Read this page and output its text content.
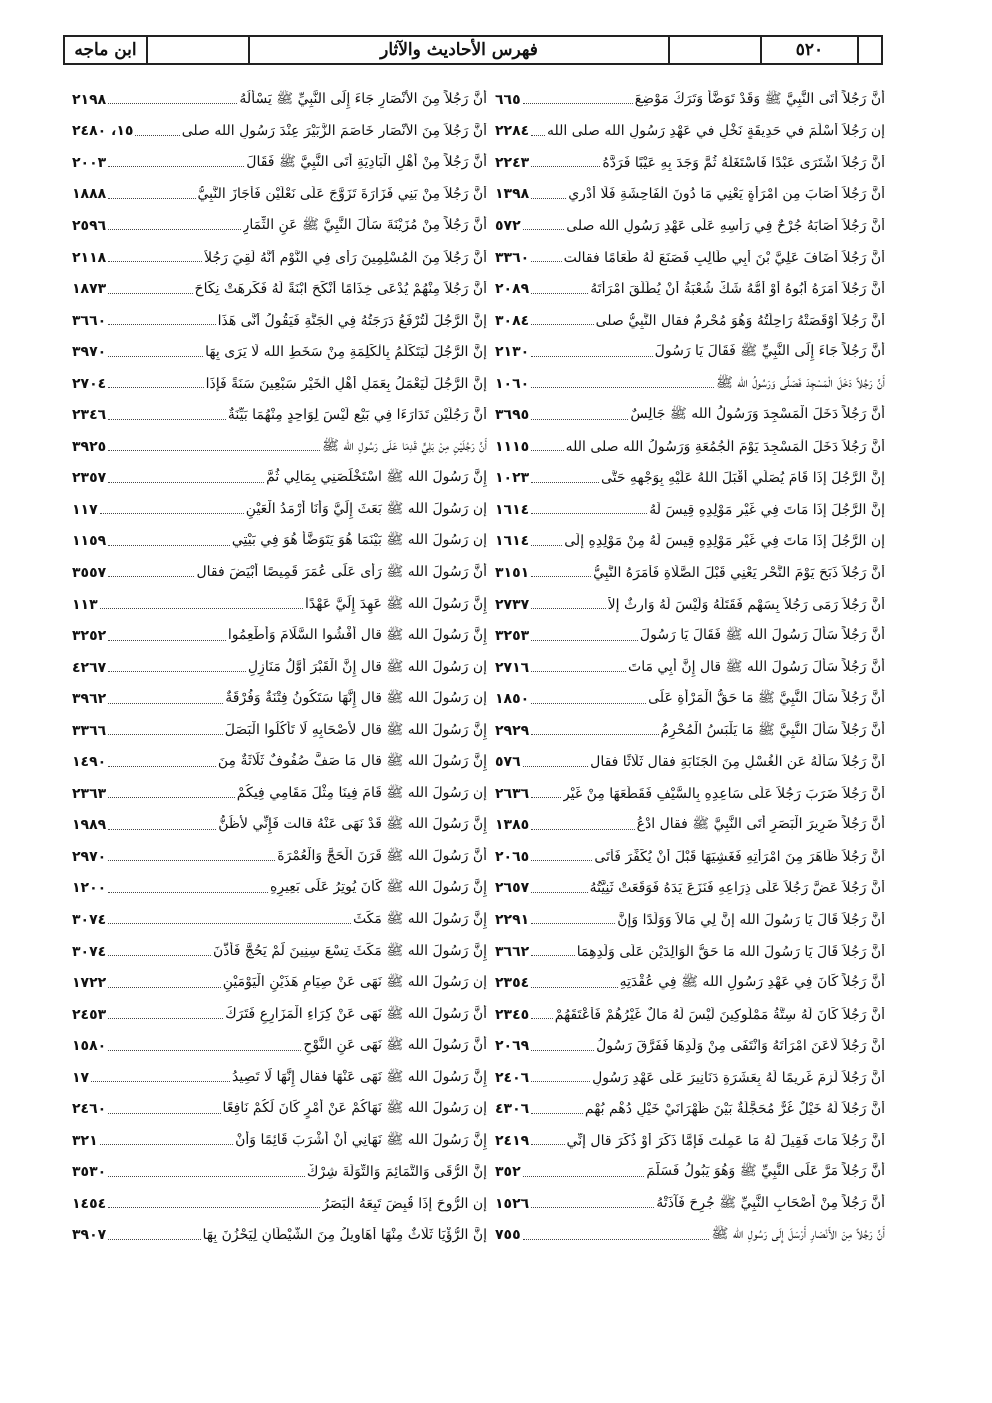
٥٢٠
فهرس الأحاديث والآثار
ابن ماجه
أَنَّ رَجُلاً أَتَى النَّبِيَّ ﷺ وَقَدْ تَوَضَّأَ وَتَرَكَ مَوْضِعَ
٦٦٥
إن رَجُلاً أَسْلَمَ في حَدِيقَةٍ نَخْلٍ في عَهْدِ رَسُولِ الله صلى الله
٢٢٨٤
أَنَّ رَجُلاً اشْتَرَى عَبْدًا فَاسْتَغَلَّهُ ثُمَّ وَجَدَ بِهِ عَيْبًا فَرَدَّهُ
٢٢٤٣
أَنَّ رَجُلاً أَصَابَ مِن امْرَأَةٍ يَعْنِي مَا دُونَ الْفَاحِشَةِ فَلَا أَدْرِي
١٣٩٨
أَنَّ رَجُلاً أَصَابَهُ جُرْحٌ فِي رَأْسِهِ عَلَى عَهْدِ رَسُولِ الله صلى
٥٧٢
أَنَّ رَجُلاً أَضَافَ عَلِيَّ بْنَ أَبِي طَالِبٍ فَصَنَعَ لَهُ طَعَامًا فقالت
٣٣٦٠
أَنَّ رَجُلاً أَمَرَهُ أَبُوهُ أَوْ أُمُّهُ شَكَّ شُعْبَةُ أَنْ يُطَلِّقَ امْرَأَتَهُ
٢٠٨٩
أَنَّ رَجُلاً أَوْقَصَتْهُ رَاحِلَتُهُ وَهُوَ مُحْرِمٌ فقال النَّبِيُّ صلى
٣٠٨٤
أَنَّ رَجُلاً جَاءَ إِلَى النَّبِيِّ ﷺ فَقَالَ يَا رَسُولَ
٢١٣٠
أَنَّ رَجُلاً دَخَلَ الْمَسْجِدَ فَصَلَّى وَرَسُولُ الله ﷺ
١٠٦٠
أَنَّ رَجُلاً دَخَلَ الْمَسْجِدَ وَرَسُولُ الله ﷺ جَالِسٌ
٣٦٩٥
أَنَّ رَجُلاً دَخَلَ الْمَسْجِدَ يَوْمَ الْجُمُعَةِ وَرَسُولُ الله صلى الله
١١١٥
إِنَّ الرَّجُلَ إِذَا قَامَ يُصَلِّي أَقْبَلَ اللهُ عَلَيْهِ بِوَجْهِهِ حَتَّى
١٠٢٣
إِنَّ الرَّجُلَ إِذَا مَاتَ فِي غَيْرِ مَوْلِدِهِ قِيسَ لَهُ
١٦١٤
إن الرَّجُلَ إِذَا مَاتَ فِي غَيْرِ مَوْلِدِهِ قِيسَ لَهُ مِنْ مَوْلِدِهِ إِلَى
١٦١٤
أَنَّ رَجُلاً ذَبَحَ يَوْمَ النَّحْرِ يَعْنِي قَبْلَ الصَّلَاةِ فَأَمَرَهُ النَّبِيُّ
٣١٥١
أَنَّ رَجُلاً رَمَى رَجُلاً بِسَهْمٍ فَقَتَلَهُ وَلَيْسَ لَهُ وَارِثٌ إِلاَّ
٢٧٣٧
أَنَّ رَجُلاً سَأَلَ رَسُولَ الله ﷺ فَقَالَ يَا رَسُولَ
٣٢٥٣
أَنَّ رَجُلاً سَأَلَ رَسُولَ الله ﷺ قال إِنَّ أَبِي مَاتَ
٢٧١٦
أَنَّ رَجُلاً سَأَلَ النَّبِيَّ ﷺ مَا حَقُّ الْمَرْأَةِ عَلَى
١٨٥٠
أَنَّ رَجُلاً سَأَلَ النَّبِيَّ ﷺ مَا يَلْبَسُ الْمُحْرِمُ
٢٩٢٩
أَنَّ رَجُلاً سَأَلَهُ عَنِ الْغُسْلِ مِنَ الْجَنَابَةِ فقال ثَلَاثًا فقال
٥٧٦
أَنَّ رَجُلاً ضَرَبَ رَجُلاً عَلَى سَاعِدِهِ بِالسَّيْفِ فَقَطَعَهَا مِنْ غَيْرِ
٢٦٣٦
أَنَّ رَجُلاً ضَرِيرَ الْبَصَرِ أَتَى النَّبِيَّ ﷺ فقال ادْعُ
١٣٨٥
أَنَّ رَجُلاً ظَاهَرَ مِنَ امْرَأَتِهِ فَغَشِيَهَا قَبْلَ أَنْ يُكَفِّرَ فَأَتَى
٢٠٦٥
أَنَّ رَجُلاً عَضَّ رَجُلاً عَلَى ذِرَاعِهِ فَنَزَعَ يَدَهُ فَوَقَعَتْ ثَنِيَّتُهُ
٢٦٥٧
أَنَّ رَجُلاً قَالَ يَا رَسُولَ الله إِنَّ لِي مَالاً وَوَلَدًا وَإِنَّ
٢٢٩١
أَنَّ رَجُلاً قَالَ يَا رَسُولَ الله مَا حَقُّ الْوَالِدَيْنِ عَلَى وَلَدِهِمَا
٣٦٦٢
أَنَّ رَجُلاً كَانَ فِي عَهْدِ رَسُولِ الله ﷺ فِي عُقْدَتِهِ
٢٣٥٤
أَنَّ رَجُلاً كَانَ لَهُ سِتَّةُ مَمْلُوكِينَ لَيْسَ لَهُ مَالٌ غَيْرُهُمْ فَأَعْتَقَهُمْ
٢٣٤٥
أَنَّ رَجُلاً لَاعَنَ امْرَأَتَهُ وَانْتَفَى مِنْ وَلَدِهَا فَفَرَّقَ رَسُولُ
٢٠٦٩
أَنَّ رَجُلاً لَزِمَ غَرِيمًا لَهُ بِعَشَرَةِ دَنَانِيرَ عَلَى عَهْدِ رَسُولِ
٢٤٠٦
أَنَّ رَجُلاً لَهُ خَيْلٌ غُرٌّ مُحَجَّلَةٌ بَيْنَ ظَهْرَانَيْ خَيْلٍ دُهْمٍ بُهْمٍ
٤٣٠٦
أَنَّ رَجُلاً مَاتَ فَقِيلَ لَهُ مَا عَمِلْتَ فَإِمَّا ذَكَرَ أَوْ ذُكِّرَ قال إِنِّي
٢٤١٩
أَنَّ رَجُلاً مَرَّ عَلَى النَّبِيِّ ﷺ وَهُوَ يَبُولُ فَسَلَّمَ
٣٥٢
أَنَّ رَجُلاً مِنْ أَصْحَابِ النَّبِيِّ ﷺ جُرِحَ فَآذَتْهُ
١٥٢٦
أَنَّ رَجُلاً مِنَ الأَنْصَارِ أَرْسَلَ إِلَى رَسُولِ الله ﷺ
٧٥٥
أَنَّ رَجُلاً مِنَ الأَنْصَارِ جَاءَ إِلَى النَّبِيِّ ﷺ يَسْأَلُهُ
٢١٩٨
أَنَّ رَجُلاً مِنَ الأَنْصَارِ خَاصَمَ الزُّبَيْرَ عِنْدَ رَسُولِ الله صلى
١٥، ٢٤٨٠
أَنَّ رَجُلاً مِنْ أَهْلِ الْبَادِيَةِ أَتَى النَّبِيَّ ﷺ فَقَالَ
٢٠٠٣
أَنَّ رَجُلاً مِنْ بَنِي فَزَارَةَ تَزَوَّجَ عَلَى نَعْلَيْنِ فَأَجَازَ النَّبِيُّ
١٨٨٨
أَنَّ رَجُلاً مِنْ مُزَيْنَةَ سَأَلَ النَّبِيَّ ﷺ عَنِ الثِّمَارِ
٢٥٩٦
أَنَّ رَجُلاً مِنَ الْمُسْلِمِينَ رَأَى فِي النَّوْمِ أَنَّهُ لَقِيَ رَجُلاً
٢١١٨
أَنَّ رَجُلاً مِنْهُمْ يُدْعَى خِذَامًا أَنْكَحَ ابْنَةً لَهُ فَكَرِهَتْ نِكَاحَ
١٨٧٣
إِنَّ الرَّجُلَ لَتُرْفَعُ دَرَجَتُهُ فِي الْجَنَّةِ فَيَقُولُ أَنَّى هَذَا
٣٦٦٠
إِنَّ الرَّجُلَ لَيَتَكَلَّمُ بِالْكَلِمَةِ مِنْ سَخَطِ الله لَا يَرَى بِهَا
٣٩٧٠
إِنَّ الرَّجُلَ لَيَعْمَلُ بِعَمَلِ أَهْلِ الْخَيْرِ سَبْعِينَ سَنَةً فَإِذَا
٢٧٠٤
أَنَّ رَجُلَيْنِ تَدَارَءَا فِي بَيْعٍ لَيْسَ لِوَاحِدٍ مِنْهُمَا بَيِّنَةٌ
٢٣٤٦
أَنَّ رَجُلَيْنِ مِنْ بَلِيٍّ قَدِمَا عَلَى رَسُولِ الله ﷺ
٣٩٢٥
إِنَّ رَسُولَ الله ﷺ اسْتَخْلَصَنِي بِمَالِي ثُمَّ
٢٣٥٧
إن رَسُولَ الله ﷺ بَعَثَ إِلَيَّ وَأَنَا أَرْمَدُ الْعَيْنِ
١١٧
إن رَسُولَ الله ﷺ بَيْنَمَا هُوَ يَتَوَضَّأُ هُوَ فِي بَيْتِي
١١٥٩
أَنَّ رَسُولَ الله ﷺ رَأَى عَلَى عُمَرَ قَمِيصًا أَبْيَضَ فقال
٣٥٥٧
إِنَّ رَسُولَ الله ﷺ عَهِدَ إِلَيَّ عَهْدًا
١١٣
إِنَّ رَسُولَ الله ﷺ قال أَفْشُوا السَّلَامَ وَأَطْعِمُوا
٣٢٥٢
إن رَسُولَ الله ﷺ قال إِنَّ الْقَبْرَ أَوَّلُ مَنَازِلِ
٤٢٦٧
إن رَسُولَ الله ﷺ قال إِنَّهَا سَتَكُونُ فِتْنَةٌ وَفُرْقَةٌ
٣٩٦٢
إِنَّ رَسُولَ الله ﷺ قال لأَصْحَابِهِ لَا تَأْكُلُوا الْبَصَلَ
٣٣٦٦
إِنَّ رَسُولَ الله ﷺ قال مَا صَفَّ صُفُوفٌ ثَلَاثَةٌ مِنَ
١٤٩٠
إن رَسُولَ الله ﷺ قَامَ فِينَا مِثْلَ مَقَامِي فِيكُمْ
٢٣٦٣
إِنَّ رَسُولَ الله ﷺ قَدْ نَهَى عَنْهُ قالت فَإِنِّي لأَظُنُّ
١٩٨٩
أَنَّ رَسُولَ الله ﷺ قَرَنَ الْحَجَّ وَالْعُمْرَةَ
٢٩٧٠
إِنَّ رَسُولَ الله ﷺ كَانَ يُوتِرُ عَلَى بَعِيرِهِ
١٢٠٠
إِنَّ رَسُولَ الله ﷺ مَكَثَ
٣٠٧٤
إِنَّ رَسُولَ الله ﷺ مَكَثَ تِسْعَ سِنِينَ لَمْ يَحُجَّ فَأَذَّنَ
٣٠٧٤
إن رَسُولَ الله ﷺ نَهَى عَنْ صِيَامِ هَذَيْنِ الْيَوْمَيْنِ
١٧٢٢
أَنَّ رَسُولَ الله ﷺ نَهَى عَنْ كِرَاءِ الْمَزَارِعِ فَتَرَكَ
٢٤٥٣
أَنَّ رَسُولَ الله ﷺ نَهَى عَنِ النَّوْحِ
١٥٨٠
إِنَّ رَسُولَ الله ﷺ نَهَى عَنْهَا فقال إِنَّهَا لَا تَصِيدُ
١٧
إن رَسُولَ الله ﷺ نَهَاكُمْ عَنْ أَمْرٍ كَانَ لَكُمْ نَافِعًا
٢٤٦٠
إِنَّ رَسُولَ الله ﷺ نَهَانِي أَنْ أَشْرَبَ قَائِمًا وَأَنْ
٣٢١
إِنَّ الرُّقَى وَالتَّمَائِمَ وَالتِّوَلَةَ شِرْكٌ
٣٥٣٠
إن الرُّوحَ إِذَا قُبِضَ تَبِعَهُ الْبَصَرُ
١٤٥٤
إِنَّ الرُّؤْيَا ثَلَاثٌ مِنْهَا أَهَاوِيلُ مِنَ الشَّيْطَانِ لِيَحْزُنَ بِهَا
٣٩٠٧
